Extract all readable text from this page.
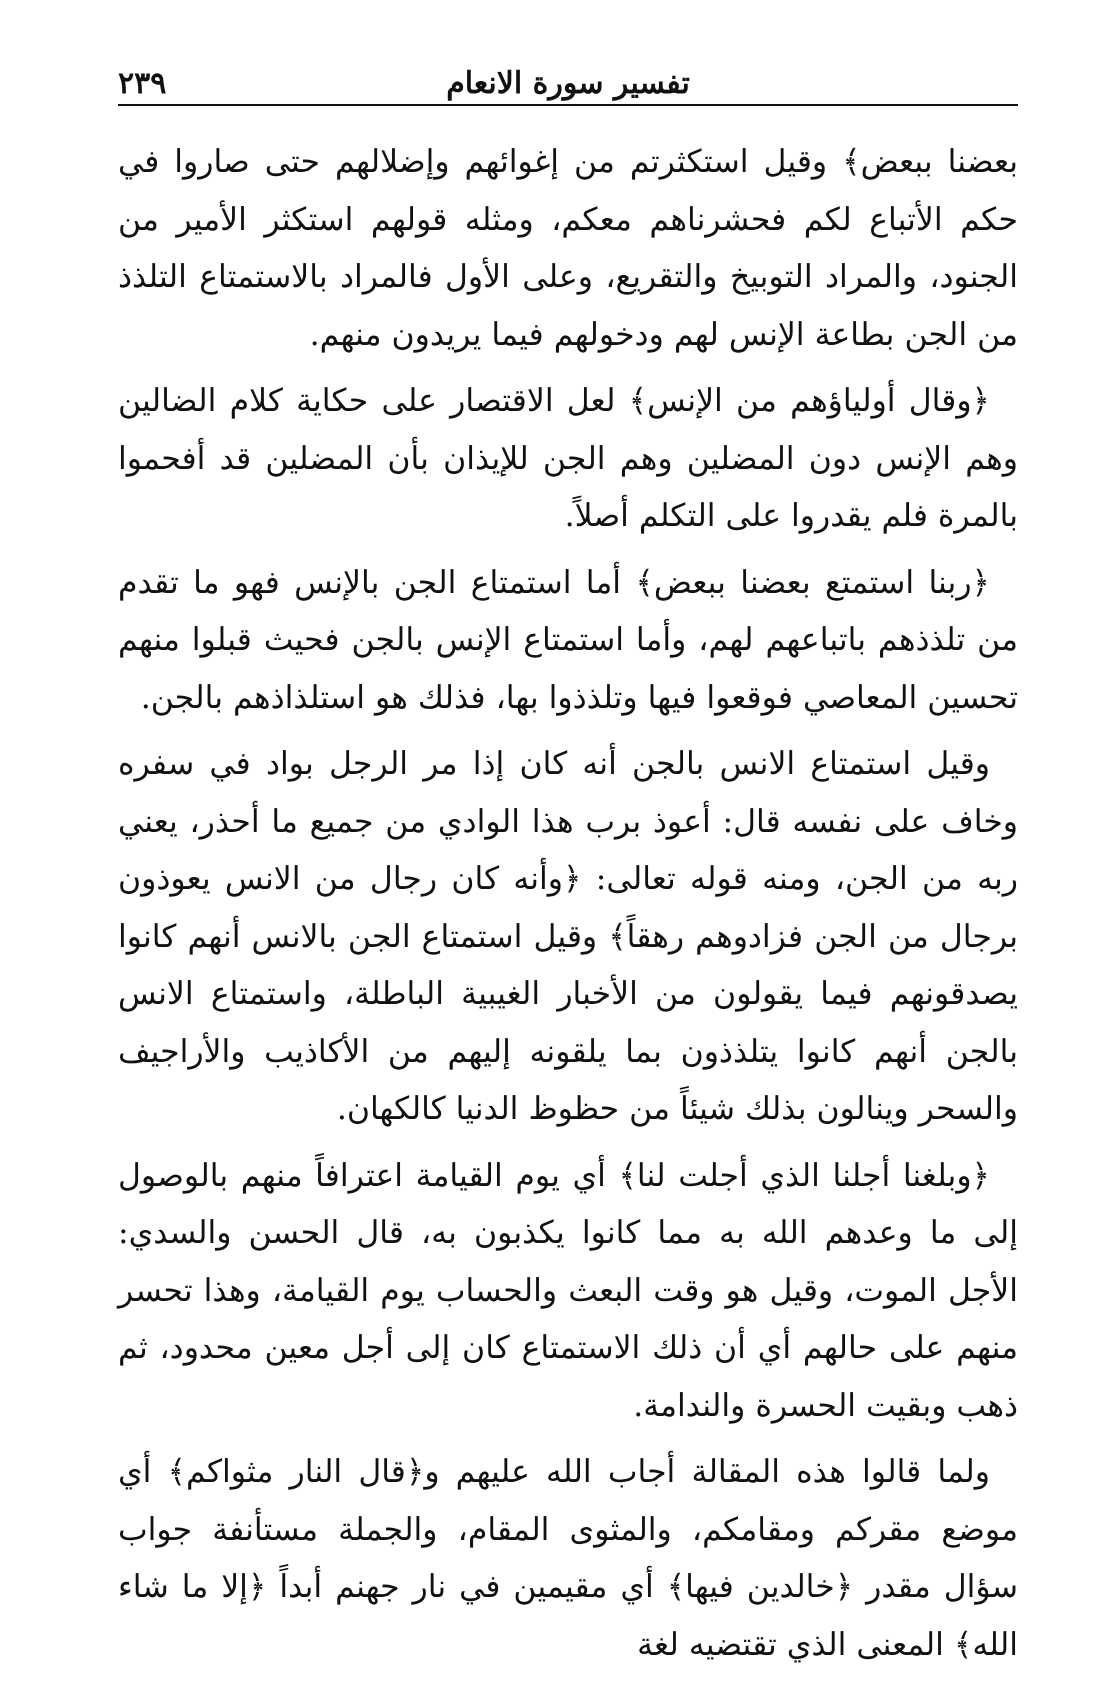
تفسير سورة الانعام
٢٣٩

بعضنا ببعض﴾ وقيل استكثرتم من إغوائهم وإضلالهم حتى صاروا في حكم الأتباع لكم فحشرناهم معكم، ومثله قولهم استكثر الأمير من الجنود، والمراد التوبيخ والتقريع، وعلى الأول فالمراد بالاستمتاع التلذذ من الجن بطاعة الإنس لهم ودخولهم فيما يريدون منهم.

﴿وقال أولياؤهم من الإنس﴾ لعل الاقتصار على حكاية كلام الضالين وهم الإنس دون المضلين وهم الجن للإيذان بأن المضلين قد أفحموا بالمرة فلم يقدروا على التكلم أصلاً.

﴿ربنا استمتع بعضنا ببعض﴾ أما استمتاع الجن بالإنس فهو ما تقدم من تلذذهم باتباعهم لهم، وأما استمتاع الإنس بالجن فحيث قبلوا منهم تحسين المعاصي فوقعوا فيها وتلذذوا بها، فذلك هو استلذاذهم بالجن.

وقيل استمتاع الانس بالجن أنه كان إذا مر الرجل بواد في سفره وخاف على نفسه قال: أعوذ برب هذا الوادي من جميع ما أحذر، يعني ربه من الجن، ومنه قوله تعالى: ﴿وأنه كان رجال من الانس يعوذون برجال من الجن فزادوهم رهقاً﴾ وقيل استمتاع الجن بالانس أنهم كانوا يصدقونهم فيما يقولون من الأخبار الغيبية الباطلة، واستمتاع الانس بالجن أنهم كانوا يتلذذون بما يلقونه إليهم من الأكاذيب والأراجيف والسحر وينالون بذلك شيئاً من حظوظ الدنيا كالكهان.

﴿وبلغنا أجلنا الذي أجلت لنا﴾ أي يوم القيامة اعترافاً منهم بالوصول إلى ما وعدهم الله به مما كانوا يكذبون به، قال الحسن والسدي: الأجل الموت، وقيل هو وقت البعث والحساب يوم القيامة، وهذا تحسر منهم على حالهم أي أن ذلك الاستمتاع كان إلى أجل معين محدود، ثم ذهب وبقيت الحسرة والندامة.

ولما قالوا هذه المقالة أجاب الله عليهم و﴿قال النار مثواكم﴾ أي موضع مقركم ومقامكم، والمثوى المقام، والجملة مستأنفة جواب سؤال مقدر ﴿خالدين فيها﴾ أي مقيمين في نار جهنم أبداً ﴿إلا ما شاء الله﴾ المعنى الذي تقتضيه لغة
